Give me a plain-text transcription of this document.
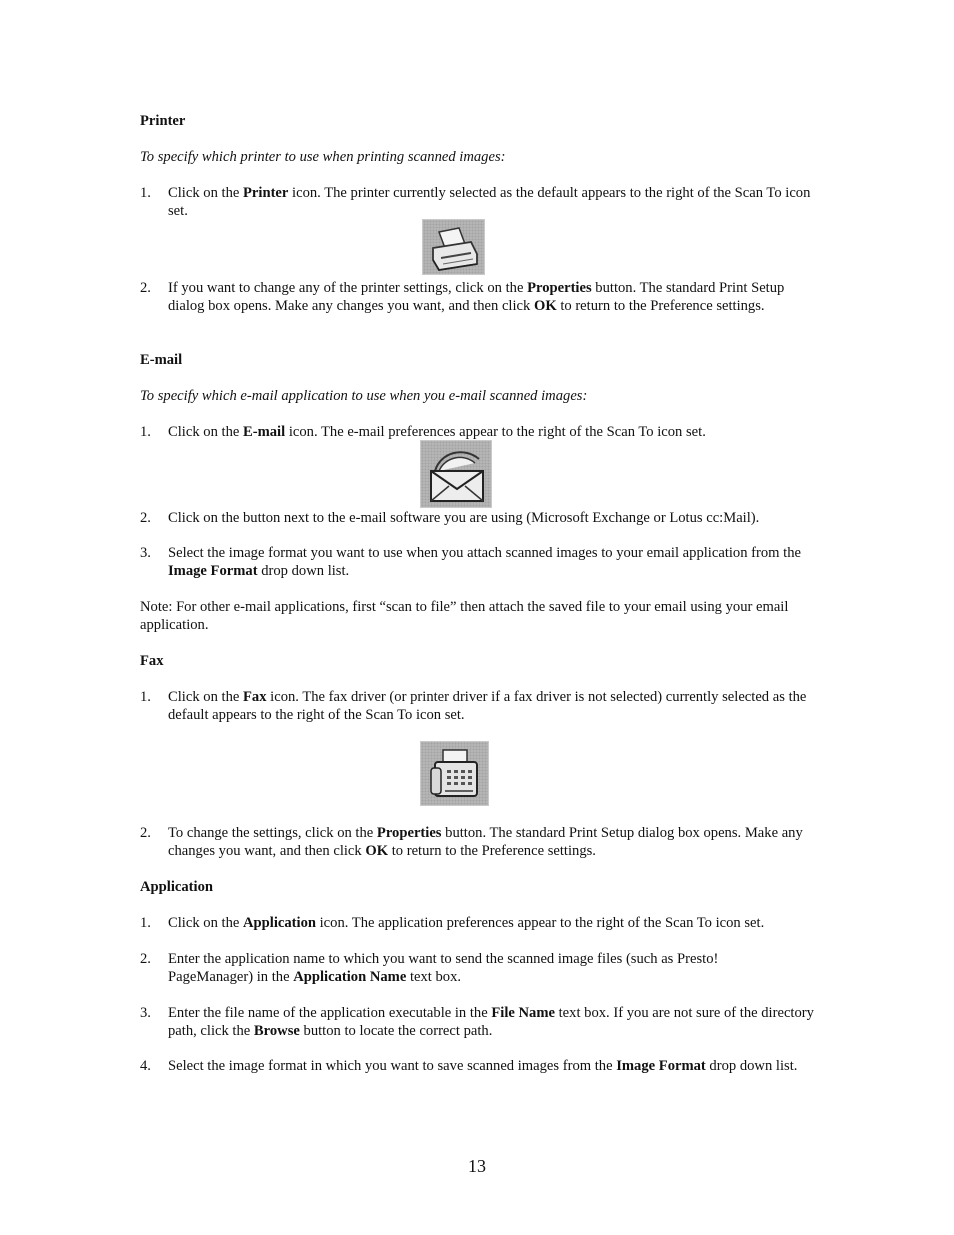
Printer

To specify which printer to use when printing scanned images:

1. Click on the Printer icon. The printer currently selected as the default appears to the right of the Scan To icon set.
2. If you want to change any of the printer settings, click on the Properties button. The standard Print Setup dialog box opens. Make any changes you want, and then click OK to return to the Preference settings.

E-mail

To specify which e-mail application to use when you e-mail scanned images:

1. Click on the E-mail icon. The e-mail preferences appear to the right of the Scan To icon set.
2. Click on the button next to the e-mail software you are using (Microsoft Exchange or Lotus cc:Mail).
3. Select the image format you want to use when you attach scanned images to your email application from the Image Format drop down list.

Note: For other e-mail applications, first “scan to file” then attach the saved file to your email using your email application.

Fax

1. Click on the Fax icon. The fax driver (or printer driver if a fax driver is not selected) currently selected as the default appears to the right of the Scan To icon set.
2. To change the settings, click on the Properties button. The standard Print Setup dialog box opens. Make any changes you want, and then click OK to return to the Preference settings.

Application

1. Click on the Application icon. The application preferences appear to the right of the Scan To icon set.
2. Enter the application name to which you want to send the scanned image files (such as Presto! PageManager) in the Application Name text box.
3. Enter the file name of the application executable in the File Name text box. If you are not sure of the directory path, click the Browse button to locate the correct path.
4. Select the image format in which you want to save scanned images from the Image Format drop down list.
13
